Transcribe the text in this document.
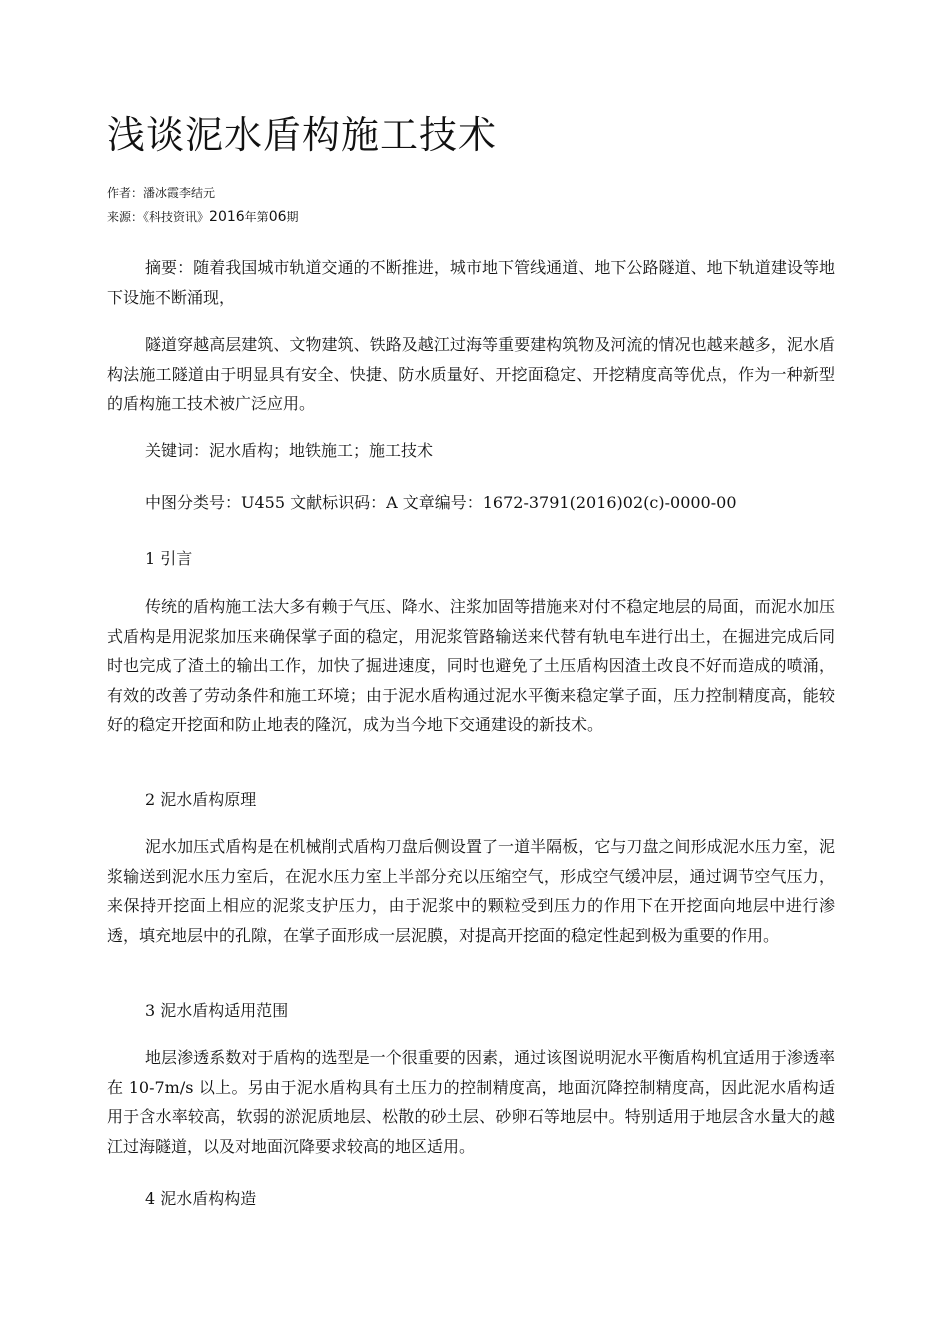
浅谈泥水盾构施工技术
作者：潘冰霞李结元
来源：《科技资讯》2016年第06期

摘要：随着我国城市轨道交通的不断推进，城市地下管线通道、地下公路隧道、地下轨道建设等地下设施不断涌现，

隧道穿越高层建筑、文物建筑、铁路及越江过海等重要建构筑物及河流的情况也越来越多，泥水盾构法施工隧道由于明显具有安全、快捷、防水质量好、开挖面稳定、开挖精度高等优点，作为一种新型的盾构施工技术被广泛应用。

关键词：泥水盾构；地铁施工；施工技术

中图分类号：U455 文献标识码：A 文章编号：1672-3791(2016)02(c)-0000-00

1 引言

传统的盾构施工法大多有赖于气压、降水、注浆加固等措施来对付不稳定地层的局面，而泥水加压式盾构是用泥浆加压来确保掌子面的稳定，用泥浆管路输送来代替有轨电车进行出土，在掘进完成后同时也完成了渣土的输出工作，加快了掘进速度，同时也避免了土压盾构因渣土改良不好而造成的喷涌，有效的改善了劳动条件和施工环境；由于泥水盾构通过泥水平衡来稳定掌子面，压力控制精度高，能较好的稳定开挖面和防止地表的隆沉，成为当今地下交通建设的新技术。

2 泥水盾构原理

泥水加压式盾构是在机械削式盾构刀盘后侧设置了一道半隔板，它与刀盘之间形成泥水压力室，泥浆输送到泥水压力室后，在泥水压力室上半部分充以压缩空气，形成空气缓冲层，通过调节空气压力，来保持开挖面上相应的泥浆支护压力，由于泥浆中的颗粒受到压力的作用下在开挖面向地层中进行渗透，填充地层中的孔隙，在掌子面形成一层泥膜，对提高开挖面的稳定性起到极为重要的作用。

3 泥水盾构适用范围

地层渗透系数对于盾构的选型是一个很重要的因素，通过该图说明泥水平衡盾构机宜适用于渗透率在 10-7m/s 以上。另由于泥水盾构具有土压力的控制精度高，地面沉降控制精度高，因此泥水盾构适用于含水率较高，软弱的淤泥质地层、松散的砂土层、砂卵石等地层中。特别适用于地层含水量大的越江过海隧道，以及对地面沉降要求较高的地区适用。

4 泥水盾构构造
